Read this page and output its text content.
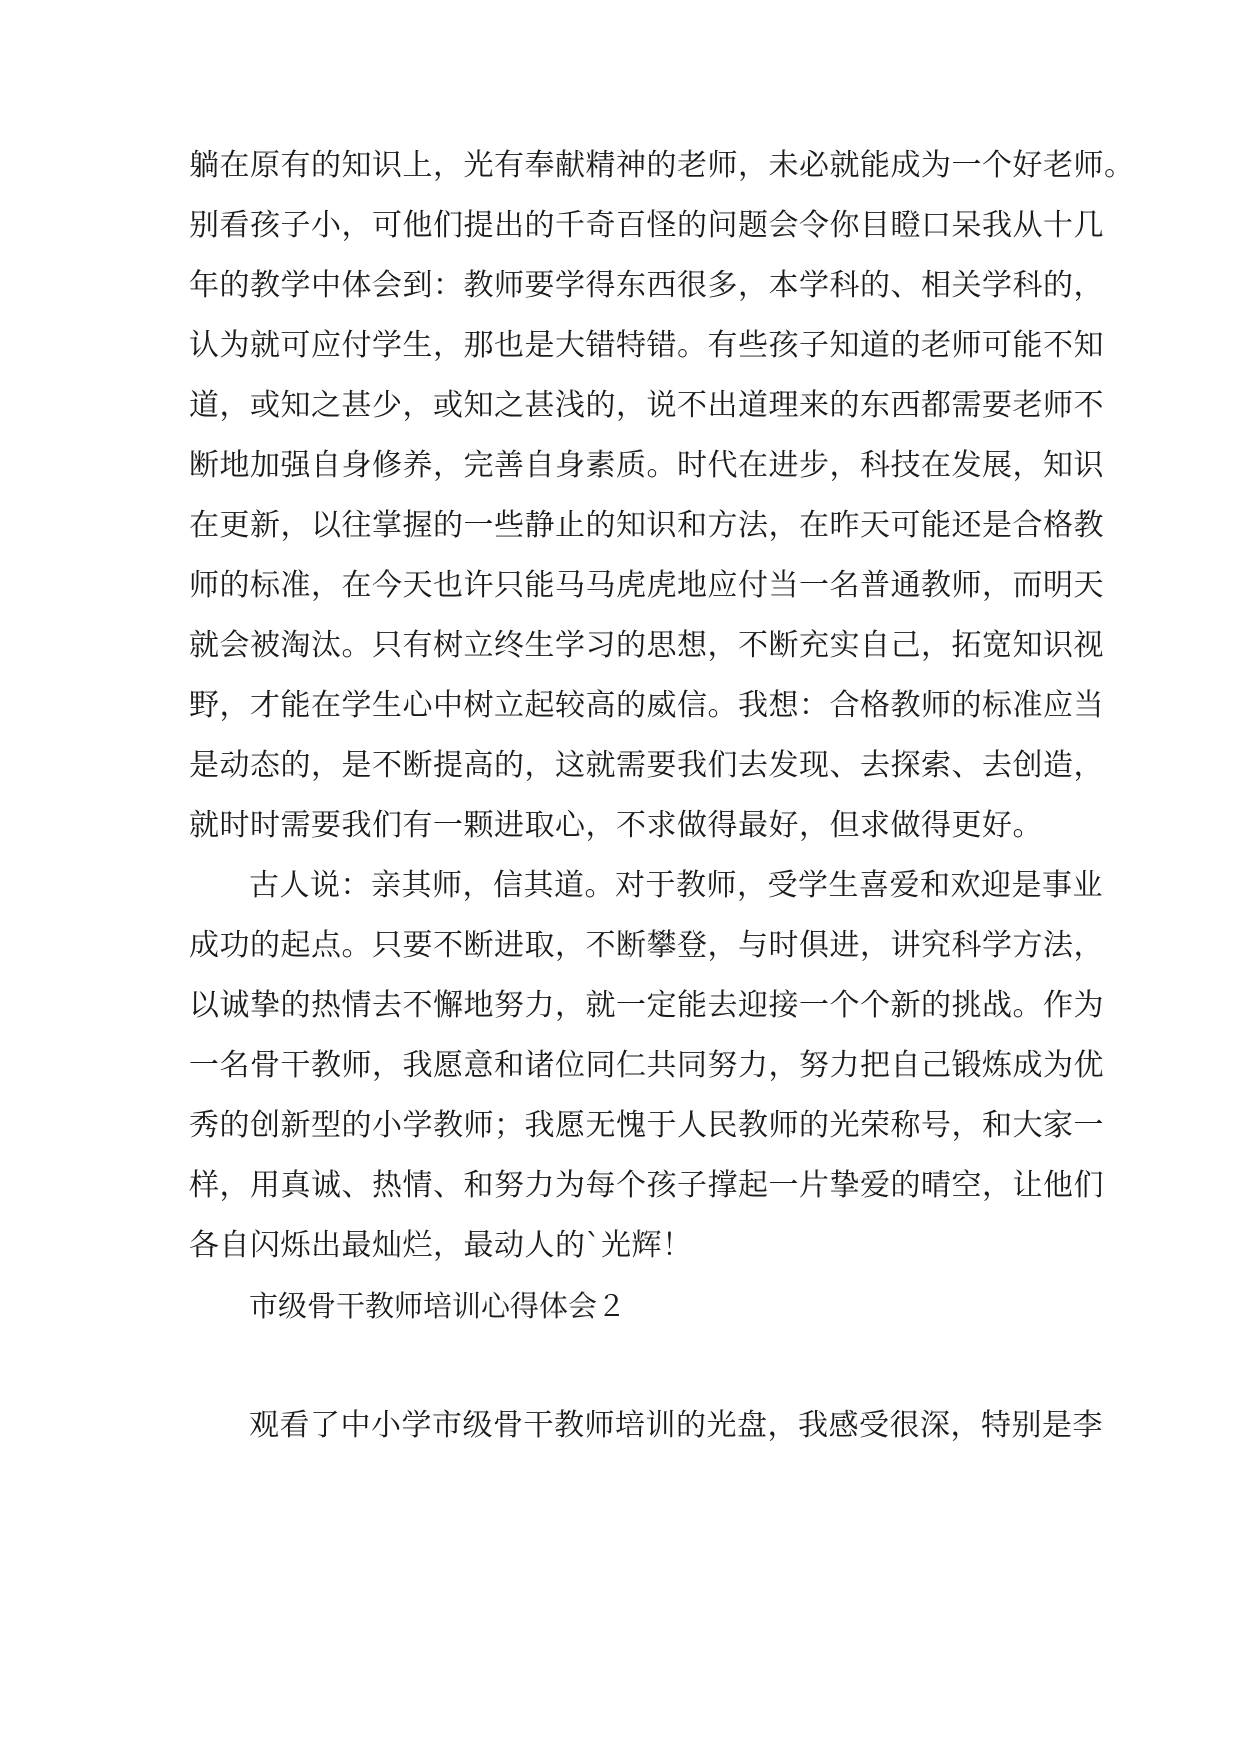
躺在原有的知识上，光有奉献精神的老师，未必就能成为一个好老师。
别看孩子小，可他们提出的千奇百怪的问题会令你目瞪口呆我从十几
年的教学中体会到：教师要学得东西很多，本学科的、相关学科的，
认为就可应付学生，那也是大错特错。有些孩子知道的老师可能不知
道，或知之甚少，或知之甚浅的，说不出道理来的东西都需要老师不
断地加强自身修养，完善自身素质。时代在进步，科技在发展，知识
在更新，以往掌握的一些静止的知识和方法，在昨天可能还是合格教
师的标准，在今天也许只能马马虎虎地应付当一名普通教师，而明天
就会被淘汰。只有树立终生学习的思想，不断充实自己，拓宽知识视
野，才能在学生心中树立起较高的威信。我想：合格教师的标准应当
是动态的，是不断提高的，这就需要我们去发现、去探索、去创造，
就时时需要我们有一颗进取心，不求做得最好，但求做得更好。
古人说：亲其师，信其道。对于教师，受学生喜爱和欢迎是事业
成功的起点。只要不断进取，不断攀登，与时俱进，讲究科学方法，
以诚挚的热情去不懈地努力，就一定能去迎接一个个新的挑战。作为
一名骨干教师，我愿意和诸位同仁共同努力，努力把自己锻炼成为优
秀的创新型的小学教师；我愿无愧于人民教师的光荣称号，和大家一
样，用真诚、热情、和努力为每个孩子撑起一片挚爱的晴空，让他们
各自闪烁出最灿烂，最动人的`光辉！
市级骨干教师培训心得体会２
观看了中小学市级骨干教师培训的光盘，我感受很深，特别是李
